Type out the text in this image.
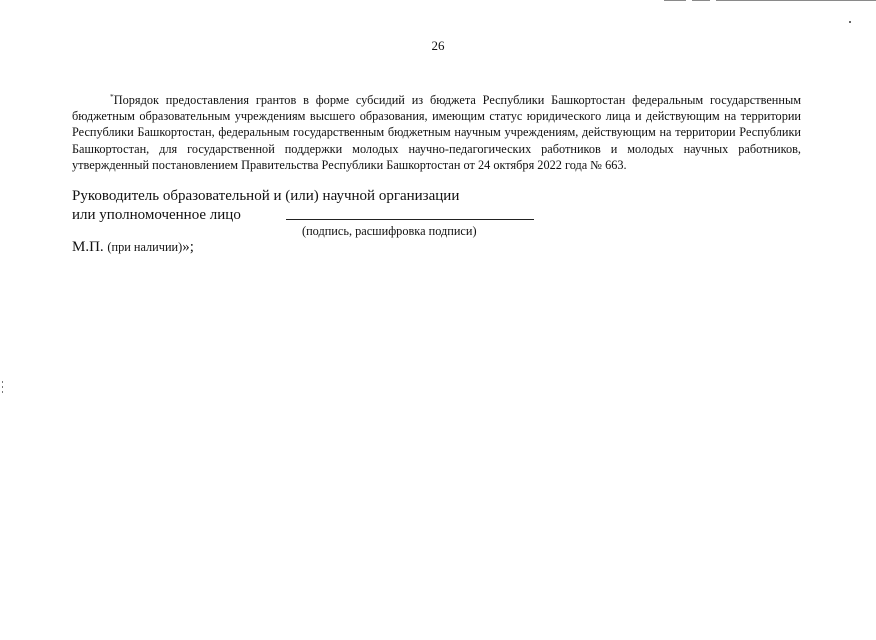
26
*Порядок предоставления грантов в форме субсидий из бюджета Республики Башкортостан федеральным государственным бюджетным образовательным учреждениям высшего образования, имеющим статус юридического лица и действующим на территории Республики Башкортостан, федеральным государственным бюджетным научным учреждениям, действующим на территории Республики Башкортостан, для государственной поддержки молодых научно-педагогических работников и молодых научных работников, утвержденный постановлением Правительства Республики Башкортостан от 24 октября 2022 года № 663.
Руководитель образовательной и (или) научной организации
или уполномоченное лицо
(подпись, расшифровка подписи)
М.П. (при наличии)»;
